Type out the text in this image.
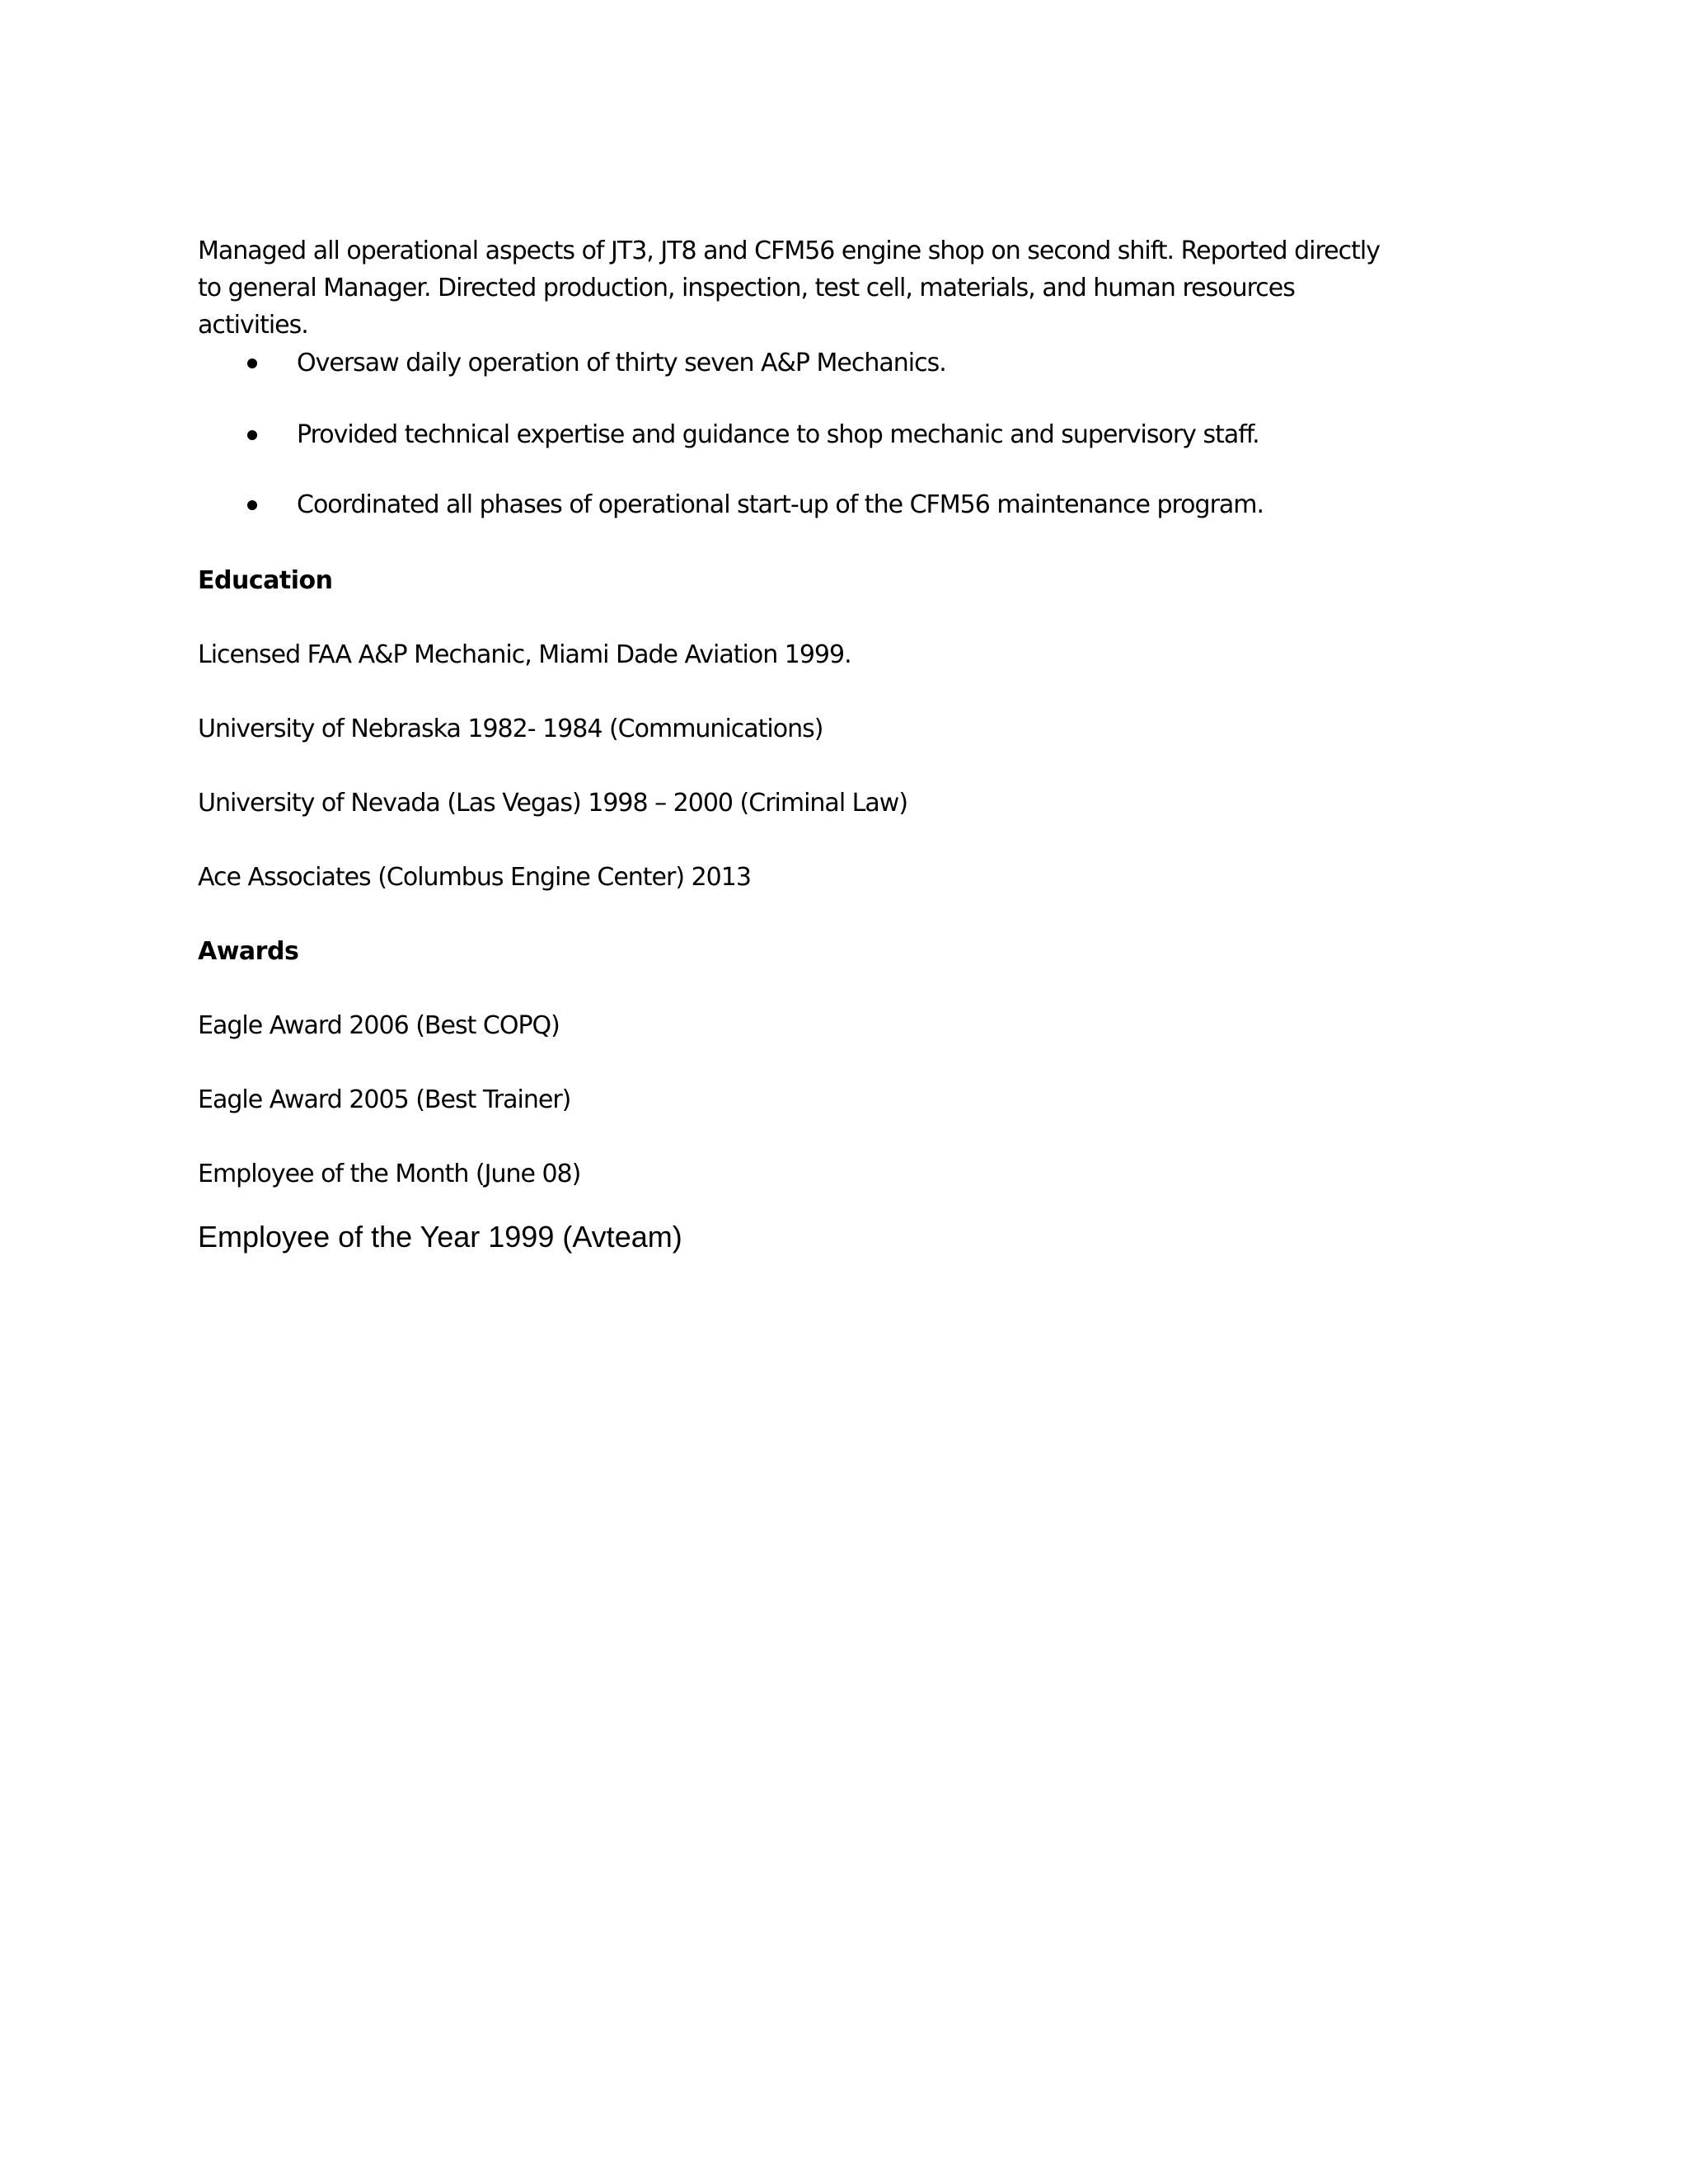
Managed all operational aspects of JT3, JT8 and CFM56 engine shop on second shift. Reported directly
to general Manager. Directed production, inspection, test cell, materials, and human resources
activities.

Oversaw daily operation of thirty seven A&P Mechanics.
Provided technical expertise and guidance to shop mechanic and supervisory staff.
Coordinated all phases of operational start-up of the CFM56 maintenance program.

Education

Licensed FAA A&P Mechanic, Miami Dade Aviation 1999.

University of Nebraska 1982- 1984 (Communications)

University of Nevada (Las Vegas) 1998 – 2000 (Criminal Law)

Ace Associates (Columbus Engine Center) 2013

Awards

Eagle Award 2006 (Best COPQ)

Eagle Award 2005 (Best Trainer)

Employee of the Month (June 08)

Employee of the Year 1999 (Avteam)
